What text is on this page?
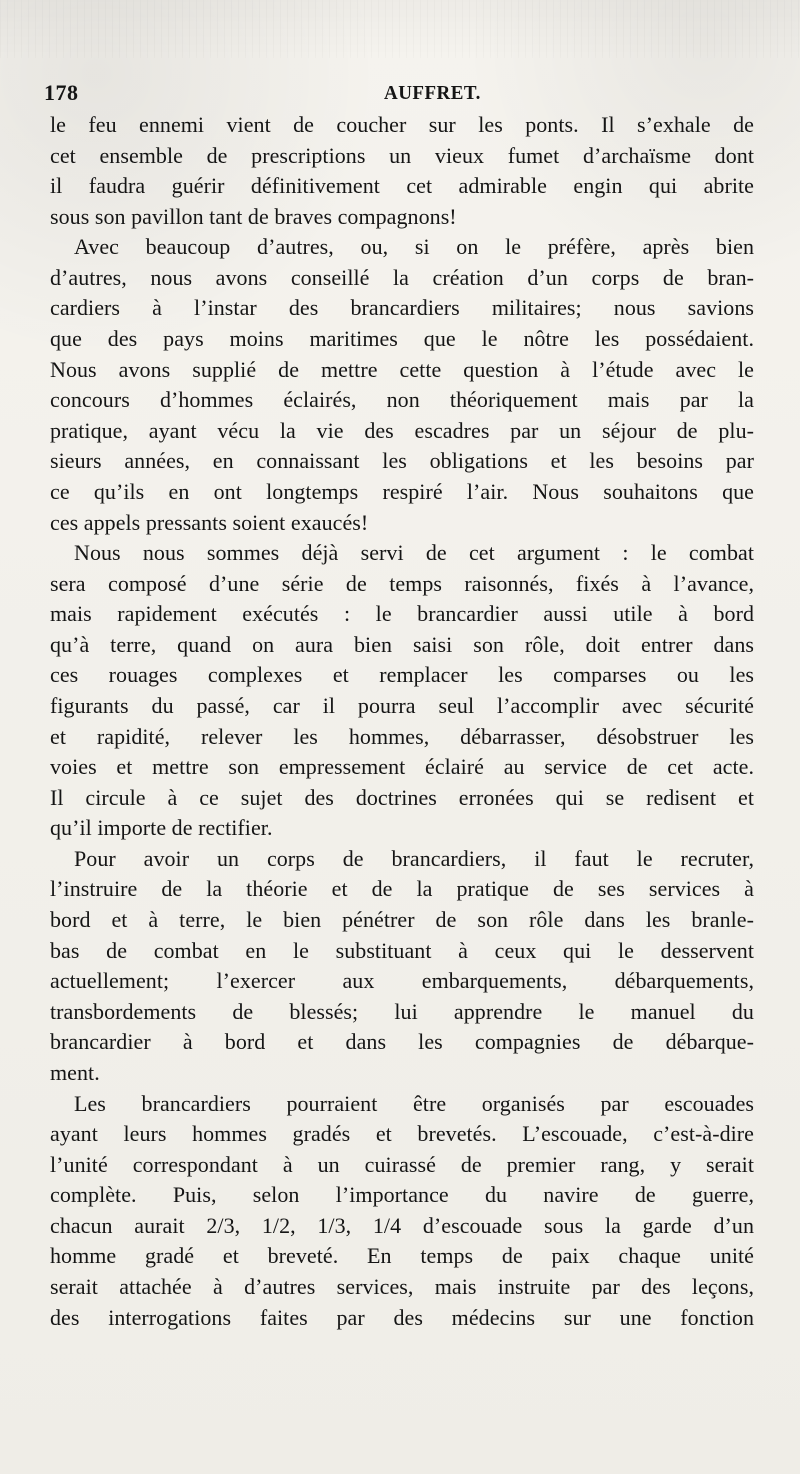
178	AUFFRET.
le feu ennemi vient de coucher sur les ponts. Il s’exhale de
cet ensemble de prescriptions un vieux fumet d’archaïsme dont
il faudra guérir définitivement cet admirable engin qui abrite
sous son pavillon tant de braves compagnons!
Avec beaucoup d’autres, ou, si on le préfère, après bien
d’autres, nous avons conseillé la création d’un corps de bran-
cardiers à l’instar des brancardiers militaires; nous savions
que des pays moins maritimes que le nôtre les possédaient.
Nous avons supplié de mettre cette question à l’étude avec le
concours d’hommes éclairés, non théoriquement mais par la
pratique, ayant vécu la vie des escadres par un séjour de plu-
sieurs années, en connaissant les obligations et les besoins par
ce qu’ils en ont longtemps respiré l’air. Nous souhaitons que
ces appels pressants soient exaucés!
Nous nous sommes déjà servi de cet argument : le combat
sera composé d’une série de temps raisonnés, fixés à l’avance,
mais rapidement exécutés : le brancardier aussi utile à bord
qu’à terre, quand on aura bien saisi son rôle, doit entrer dans
ces rouages complexes et remplacer les comparses ou les
figurants du passé, car il pourra seul l’accomplir avec sécurité
et rapidité, relever les hommes, débarrasser, désobstruer les
voies et mettre son empressement éclairé au service de cet acte.
Il circule à ce sujet des doctrines erronées qui se redisent et
qu’il importe de rectifier.
Pour avoir un corps de brancardiers, il faut le recruter,
l’instruire de la théorie et de la pratique de ses services à
bord et à terre, le bien pénétrer de son rôle dans les branle-
bas de combat en le substituant à ceux qui le desservent
actuellement; l’exercer aux embarquements, débarquements,
transbordements de blessés; lui apprendre le manuel du
brancardier à bord et dans les compagnies de débarque-
ment.
Les brancardiers pourraient être organisés par escouades
ayant leurs hommes gradés et brevetés. L’escouade, c’est-à-dire
l’unité correspondant à un cuirassé de premier rang, y serait
complète. Puis, selon l’importance du navire de guerre,
chacun aurait 2/3, 1/2, 1/3, 1/4 d’escouade sous la garde d’un
homme gradé et breveté. En temps de paix chaque unité
serait attachée à d’autres services, mais instruite par des leçons,
des interrogations faites par des médecins sur une fonction
